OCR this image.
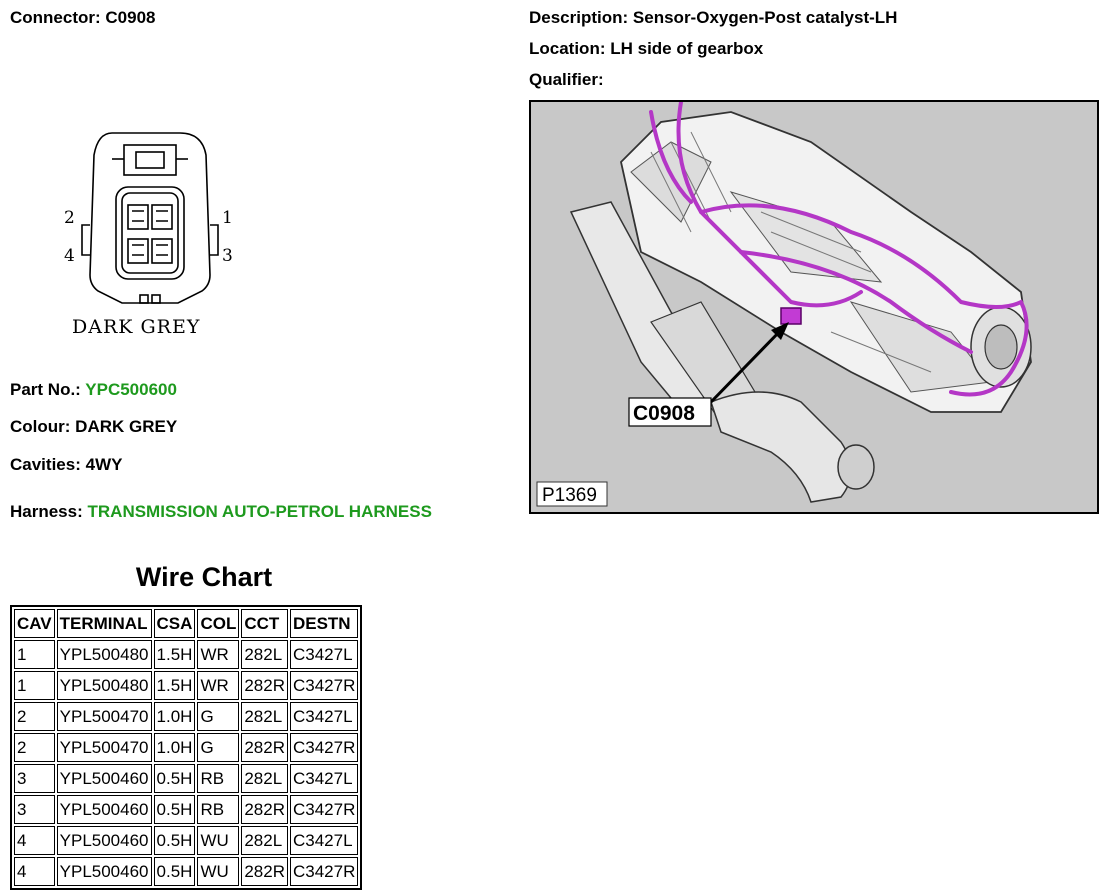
Connector: C0908	Description: Sensor-Oxygen-Post catalyst-LH
Location: LH side of gearbox
Qualifier:
2	1
4	3
DARK GREY
Part No.: YPC500600
Colour: DARK GREY
Cavities: 4WY
Harness: TRANSMISSION AUTO-PETROL HARNESS
C0908
P1369
Wire Chart
CAV	TERMINAL	CSA	COL	CCT	DESTN
1	YPL500480	1.5H	WR	282L	C3427L
1	YPL500480	1.5H	WR	282R	C3427R
2	YPL500470	1.0H	G	282L	C3427L
2	YPL500470	1.0H	G	282R	C3427R
3	YPL500460	0.5H	RB	282L	C3427L
3	YPL500460	0.5H	RB	282R	C3427R
4	YPL500460	0.5H	WU	282L	C3427L
4	YPL500460	0.5H	WU	282R	C3427R
